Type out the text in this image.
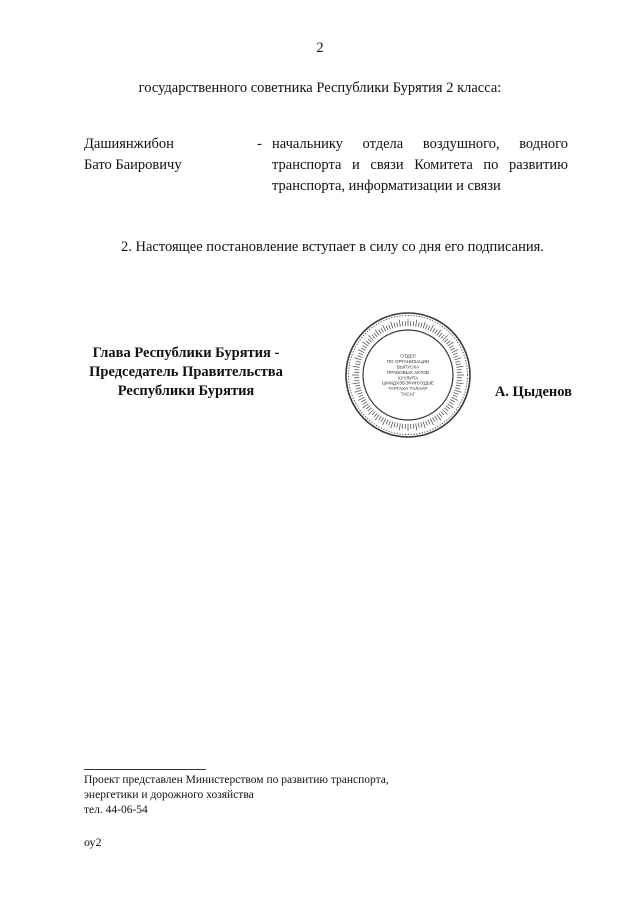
2
государственного советника Республики Бурятия 2 класса:
Дашиянжибон
Бато Баировичу
- начальнику отдела воздушного, водного
транспорта и связи Комитета по развитию
транспорта, информатизации и связи
2. Настоящее постановление вступает в силу со дня его подписания.
Глава Республики Бурятия -
Председатель Правительства
Республики Бурятия
ОТДЕЛ
ПО ОРГАНИЗАЦИИ
ВЫПУСКА
ПРАВОВЫХ АКТОВ
ХУУЛИТА
ШИИДХЭБЭРИНУУДЫЕ
ГАРГАХА ТАЛААР
ТАСАГ	А. Цыденов
Проект представлен Министерством по развитию транспорта,
энергетики и дорожного хозяйства
тел. 44-06-54
оу2
